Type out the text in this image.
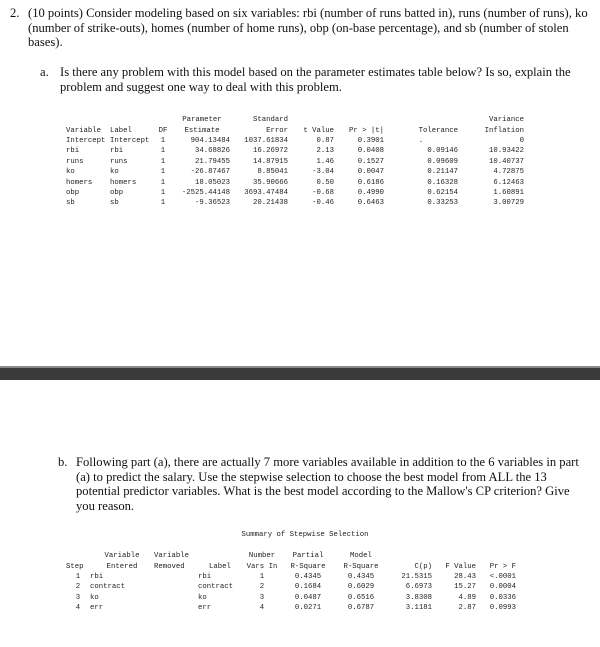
2. (10 points) Consider modeling based on six variables: rbi (number of runs batted in), runs (number of runs), ko (number of strike-outs), homes (number of home runs), obp (on-base percentage), and sb (number of stolen bases).
a. Is there any problem with this model based on the parameter estimates table below? Is so, explain the problem and suggest one way to deal with this problem.
			Parameter	Standard				Variance
Variable	Label	DF	Estimate	Error	t Value	Pr > |t|	Tolerance	Inflation
Intercept	Intercept	1	904.13484	1037.61834	0.87	0.3901	.	0
rbi	rbi	1	34.68826	16.26972	2.13	0.0408	0.09146	10.93422
runs	runs	1	21.79455	14.87915	1.46	0.1527	0.09609	10.40737
ko	ko	1	-26.87467	8.85041	-3.04	0.0047	0.21147	4.72875
homers	homers	1	18.05023	35.90666	0.50	0.6186	0.16328	6.12463
obp	obp	1	-2525.44148	3693.47484	-0.68	0.4990	0.62154	1.60891
sb	sb	1	-9.36523	20.21438	-0.46	0.6463	0.33253	3.00729
b. Following part (a), there are actually 7 more variables available in addition to the 6 variables in part (a) to predict the salary. Use the stepwise selection to choose the best model from ALL the 13 potential predictor variables. What is the best model according to the Mallow's CP criterion? Give you reason.
Summary of Stepwise Selection
	Variable	Variable		Number	Partial	Model			
Step	Entered	Removed	Label	Vars In	R-Square	R-Square	C(p)	F Value	Pr > F
1	rbi		rbi	1	0.4345	0.4345	21.5315	28.43	<.0001
2	contract		contract	2	0.1684	0.6029	6.6973	15.27	0.0004
3	ko		ko	3	0.0487	0.6516	3.8308	4.89	0.0336
4	err		err	4	0.0271	0.6787	3.1181	2.87	0.0993
